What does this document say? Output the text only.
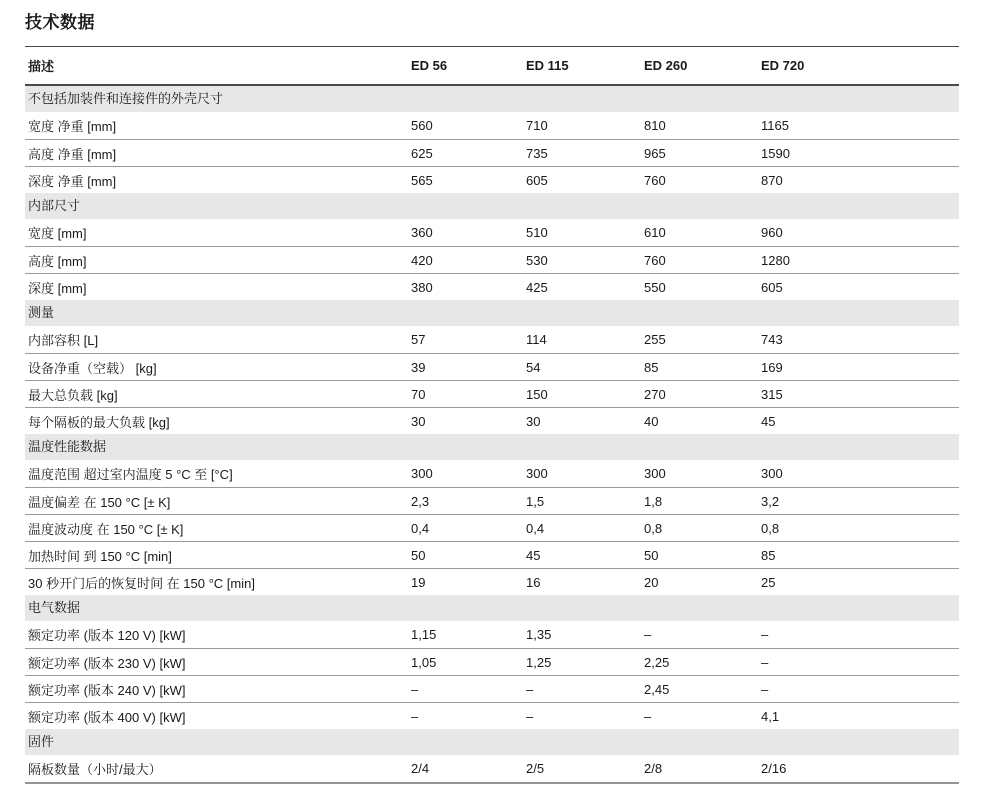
技术数据
描述	ED 56	ED 115	ED 260	ED 720
不包括加装件和连接件的外壳尺寸
宽度 净重 [mm]	560	710	810	1165
高度 净重 [mm]	625	735	965	1590
深度 净重 [mm]	565	605	760	870
内部尺寸
宽度 [mm]	360	510	610	960
高度 [mm]	420	530	760	1280
深度 [mm]	380	425	550	605
测量
内部容积 [L]	57	114	255	743
设备净重（空载） [kg]	39	54	85	169
最大总负载 [kg]	70	150	270	315
每个隔板的最大负载 [kg]	30	30	40	45
温度性能数据
温度范围 超过室内温度 5 °C 至 [°C]	300	300	300	300
温度偏差 在 150 °C [± K]	2,3	1,5	1,8	3,2
温度波动度 在 150 °C [± K]	0,4	0,4	0,8	0,8
加热时间 到 150 °C [min]	50	45	50	85
30 秒开门后的恢复时间 在 150 °C [min]	19	16	20	25
电气数据
额定功率 (版本 120 V) [kW]	1,15	1,35	–	–
额定功率 (版本 230 V) [kW]	1,05	1,25	2,25	–
额定功率 (版本 240 V) [kW]	–	–	2,45	–
额定功率 (版本 400 V) [kW]	–	–	–	4,1
固件
隔板数量（小时/最大）	2/4	2/5	2/8	2/16
